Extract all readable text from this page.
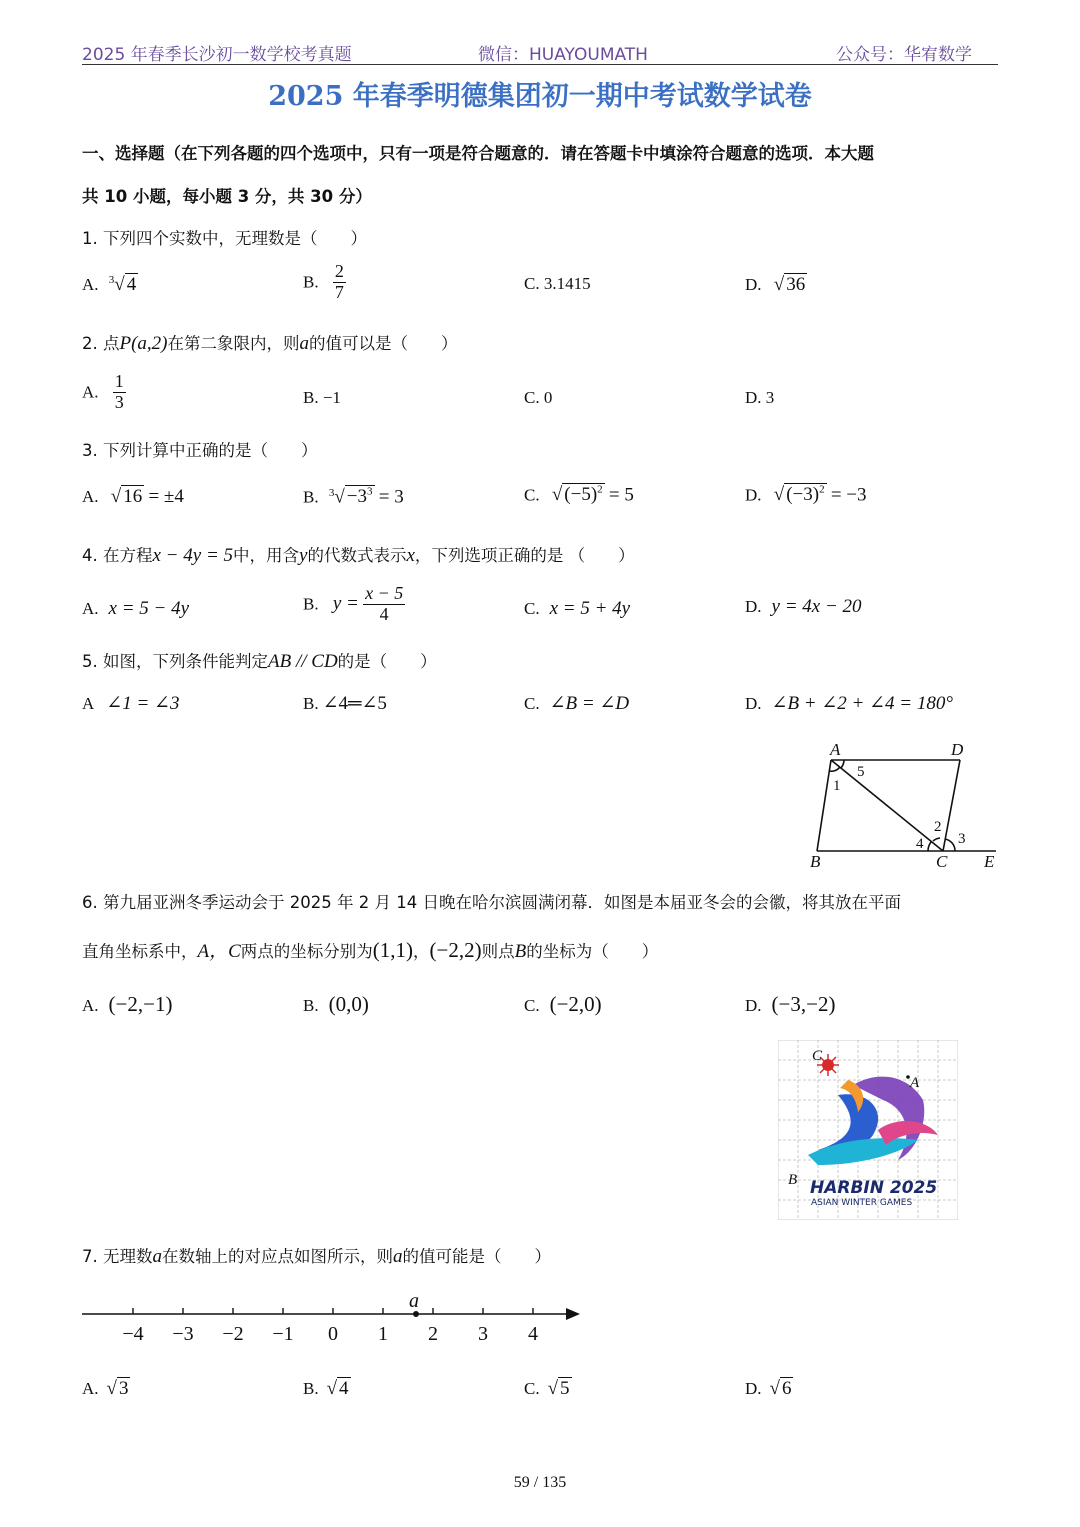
2025 年春季长沙初一数学校考真题	微信：HUAYOUMATH	公众号：华宥数学
2025 年春季明德集团初一期中考试数学试卷
一、选择题（在下列各题的四个选项中，只有一项是符合题意的．请在答题卡中填涂符合题意的选项．本大题
共 10 小题，每小题 3 分，共 30 分）
1. 下列四个实数中，无理数是（　　）
A. $^3$√ 4	B. $\frac{2}{7}$	C. 3.1415	D. √ 36
2. 点P(a,2)在第二象限内，则a的值可以是（　　）
A. $\frac{1}{3}$	B. −1	C. 0	D. 3
3. 下列计算中正确的是（　　）
A. √ 16 = ±4	B. $^3√ -3^3 = 3$	C. √ $(-5)^2 = 5$	D. √ $(-3)^2 = -3$
4. 在方程x − 4y = 5中，用含y的代数式表示x，下列选项正确的是 （　　）
A. x = 5 − 4y	B. $y = \frac{x - 5}{4}$	C. x = 5 + 4y	D. y = 4x − 20
5. 如图，下列条件能判定AB // CD的是（　　）
A ∠1 = ∠3	B. ∠4═∠5	C. ∠B = ∠D	D. ∠B + ∠2 + ∠4 = 180°
A	D
B	C E
1
5
4
2
3
6. 第九届亚洲冬季运动会于 2025 年 2 月 14 日晚在哈尔滨圆满闭幕．如图是本届亚冬会的会徽，将其放在平面
直角坐标系中，A，C两点的坐标分别为(1,1)，(−2,2)则点B的坐标为（　　）
A. (−2,−1)	B. (0,0)	C. (−2,0)	D. (−3,−2)
C
A
B HARBIN 2025
ASIAN WINTER GAMES
7. 无理数a在数轴上的对应点如图所示，则a的值可能是（　　）
−4 −3 −2 −1 0 1 2 3 4
a
A. √ 3	B. √ 4	C. √ 5	D. √ 6
59 / 135
